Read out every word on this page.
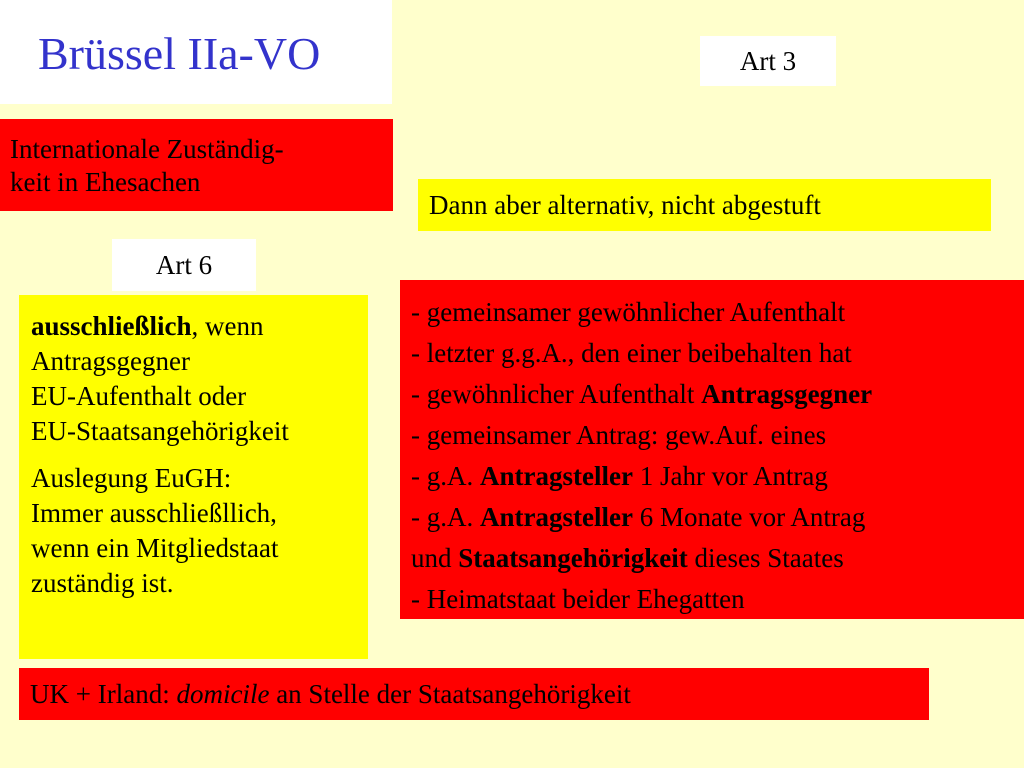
Brüssel IIa-VO	Art 3
Internationale Zuständig-
keit in Ehesachen
Dann aber alternativ, nicht abgestuft
Art 6

ausschließlich, wenn
Antragsgegner
EU-Aufenthalt oder
EU-Staatsangehörigkeit

Auslegung EuGH:
Immer ausschließllich,
wenn ein Mitgliedstaat
zuständig ist.

- gemeinsamer gewöhnlicher Aufenthalt
- letzter g.g.A., den einer beibehalten hat
- gewöhnlicher Aufenthalt Antragsgegner
- gemeinsamer Antrag: gew.Auf. eines
- g.A. Antragsteller 1 Jahr vor Antrag
- g.A. Antragsteller 6 Monate vor Antrag
und Staatsangehörigkeit dieses Staates
- Heimatstaat beider Ehegatten
UK + Irland: domicile an Stelle der Staatsangehörigkeit
